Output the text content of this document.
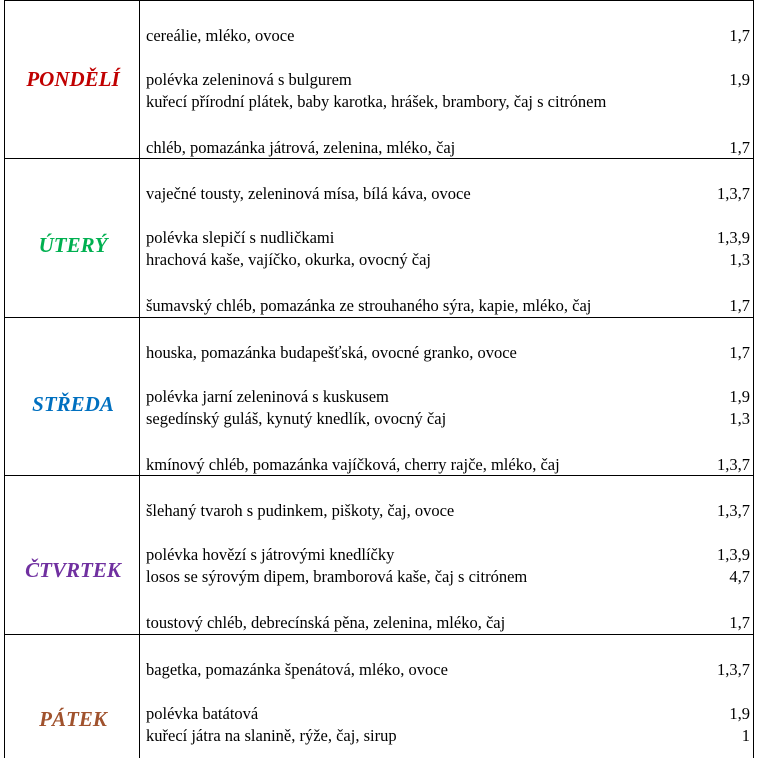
PONDĚLÍ
cereálie, mléko, ovoce	1,7
polévka zeleninová s bulgurem	1,9
kuřecí přírodní plátek, baby karotka, hrášek, brambory, čaj s citrónem
chléb, pomazánka játrová, zelenina, mléko, čaj	1,7
ÚTERÝ
vaječné tousty, zeleninová mísa, bílá káva, ovoce	1,3,7
polévka slepičí s nudličkami	1,3,9
hrachová kaše, vajíčko, okurka, ovocný čaj	1,3
šumavský chléb, pomazánka ze strouhaného sýra, kapie, mléko, čaj	1,7
STŘEDA
houska, pomazánka budapešťská, ovocné granko, ovoce	1,7
polévka jarní zeleninová s kuskusem	1,9
segedínský guláš, kynutý knedlík, ovocný čaj	1,3
kmínový chléb, pomazánka vajíčková, cherry rajče, mléko, čaj	1,3,7
ČTVRTEK
šlehaný tvaroh s pudinkem, piškoty, čaj, ovoce	1,3,7
polévka hovězí s játrovými knedlíčky	1,3,9
losos se sýrovým dipem, bramborová kaše, čaj s citrónem	4,7
toustový chléb, debrecínská pěna, zelenina, mléko, čaj	1,7
PÁTEK
bagetka, pomazánka špenátová, mléko, ovoce	1,3,7
polévka batátová	1,9
kuřecí játra na slanině, rýže, čaj, sirup	1
